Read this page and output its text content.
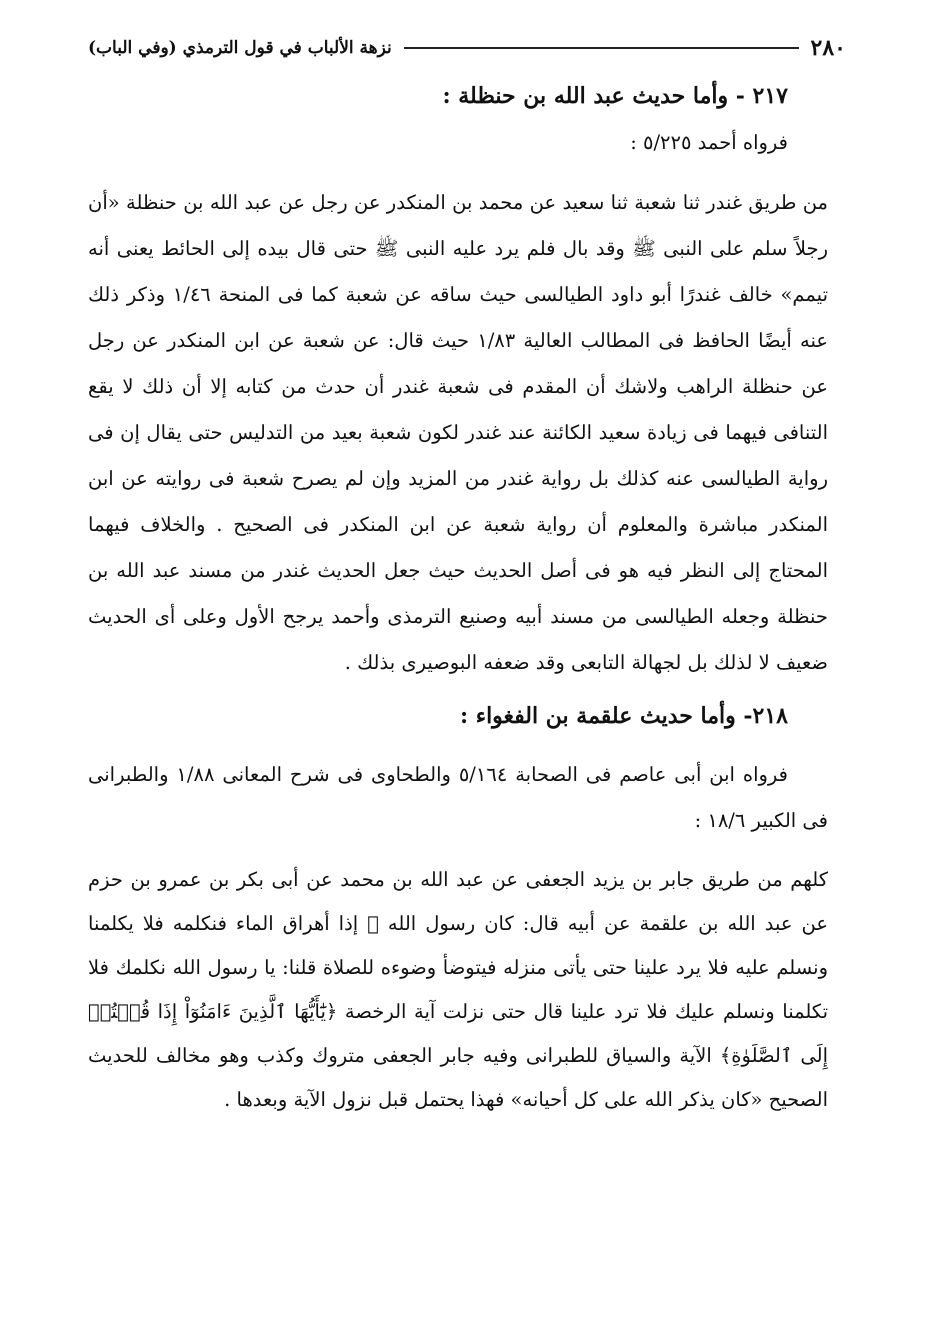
نزهة الألباب في قول الترمذي (وفي الباب)	٢٨٠
٢١٧ - وأما حديث عبد الله بن حنظلة :

فرواه أحمد ٥/٢٢٥ :

من طريق غندر ثنا شعبة ثنا سعيد عن محمد بن المنكدر عن رجل عن عبد الله بن حنظلة «أن رجلاً سلم على النبى ﷺ وقد بال فلم يرد عليه النبى ﷺ حتى قال بيده إلى الحائط يعنى أنه تيمم» خالف غندرًا أبو داود الطيالسى حيث ساقه عن شعبة كما فى المنحة ١/٤٦ وذكر ذلك عنه أيضًا الحافظ فى المطالب العالية ١/٨٣ حيث قال: عن شعبة عن ابن المنكدر عن رجل عن حنظلة الراهب ولاشك أن المقدم فى شعبة غندر أن حدث من كتابه إلا أن ذلك لا يقع التنافى فيهما فى زيادة سعيد الكائنة عند غندر لكون شعبة بعيد من التدليس حتى يقال إن فى رواية الطيالسى عنه كذلك بل رواية غندر من المزيد وإن لم يصرح شعبة فى روايته عن ابن المنكدر مباشرة والمعلوم أن رواية شعبة عن ابن المنكدر فى الصحيح . والخلاف فيهما المحتاج إلى النظر فيه هو فى أصل الحديث حيث جعل الحديث غندر من مسند عبد الله بن حنظلة وجعله الطيالسى من مسند أبيه وصنيع الترمذى وأحمد يرجح الأول وعلى أى الحديث ضعيف لا لذلك بل لجهالة التابعى وقد ضعفه البوصيرى بذلك .

٢١٨- وأما حديث علقمة بن الفغواء :

فرواه ابن أبى عاصم فى الصحابة ٥/١٦٤ والطحاوى فى شرح المعانى ١/٨٨ والطبرانى فى الكبير ١٨/٦ :

كلهم من طريق جابر بن يزيد الجعفى عن عبد الله بن محمد عن أبى بكر بن عمرو بن حزم عن عبد الله بن علقمة عن أبيه قال: كان رسول الله ﷺ إذا أهراق الماء فنكلمه فلا يكلمنا ونسلم عليه فلا يرد علينا حتى يأتى منزله فيتوضأ وضوءه للصلاة قلنا: يا رسول الله نكلمك فلا تكلمنا ونسلم عليك فلا ترد علينا قال حتى نزلت آية الرخصة ﴿يَٰٓأَيُّهَا ٱلَّذِينَ ءَامَنُوٓاْ إِذَا قُمۡتُمۡ إِلَى ٱلصَّلَوٰةِ﴾ الآية والسياق للطبرانى وفيه جابر الجعفى متروك وكذب وهو مخالف للحديث الصحيح «كان يذكر الله على كل أحيانه» فهذا يحتمل قبل نزول الآية وبعدها .
